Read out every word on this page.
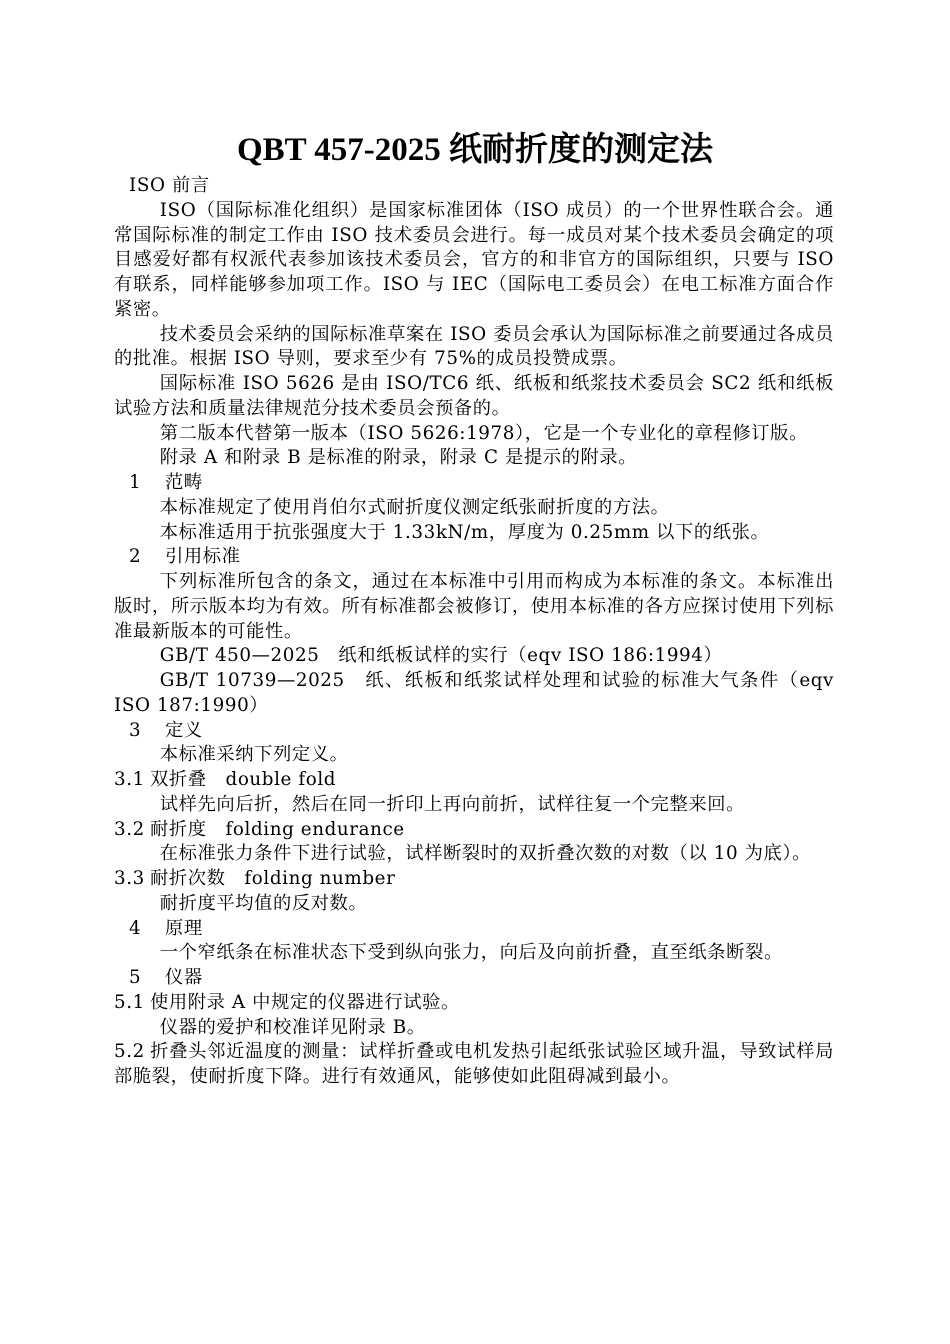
QBT 457-2025 纸耐折度的测定法

ISO 前言

ISO（国际标准化组织）是国家标准团体（ISO 成员）的一个世界性联合会。通常国际标准的制定工作由 ISO 技术委员会进行。每一成员对某个技术委员会确定的项目感爱好都有权派代表参加该技术委员会，官方的和非官方的国际组织，只要与 ISO 有联系，同样能够参加项工作。ISO 与 IEC（国际电工委员会）在电工标准方面合作紧密。

技术委员会采纳的国际标准草案在 ISO 委员会承认为国际标准之前要通过各成员的批准。根据 ISO 导则，要求至少有 75%的成员投赞成票。

国际标准 ISO 5626 是由 ISO/TC6 纸、纸板和纸浆技术委员会 SC2 纸和纸板试验方法和质量法律规范分技术委员会预备的。

第二版本代替第一版本（ISO 5626:1978），它是一个专业化的章程修订版。

附录 A 和附录 B 是标准的附录，附录 C 是提示的附录。

1 范畴

本标准规定了使用肖伯尔式耐折度仪测定纸张耐折度的方法。

本标准适用于抗张强度大于 1.33kN/m，厚度为 0.25mm 以下的纸张。

2 引用标准

下列标准所包含的条文，通过在本标准中引用而构成为本标准的条文。本标准出版时，所示版本均为有效。所有标准都会被修订，使用本标准的各方应探讨使用下列标准最新版本的可能性。

GB/T 450—2025　纸和纸板试样的实行（eqv ISO 186:1994）

GB/T 10739—2025　纸、纸板和纸浆试样处理和试验的标准大气条件（eqv ISO 187:1990）

3 定义

本标准采纳下列定义。

3.1 双折叠　double fold

试样先向后折，然后在同一折印上再向前折，试样往复一个完整来回。

3.2 耐折度　folding endurance

在标准张力条件下进行试验，试样断裂时的双折叠次数的对数（以 10 为底）。

3.3 耐折次数　folding number

耐折度平均值的反对数。

4 原理

一个窄纸条在标准状态下受到纵向张力，向后及向前折叠，直至纸条断裂。

5 仪器

5.1 使用附录 A 中规定的仪器进行试验。

仪器的爱护和校准详见附录 B。

5.2 折叠头邻近温度的测量：试样折叠或电机发热引起纸张试验区域升温，导致试样局部脆裂，使耐折度下降。进行有效通风，能够使如此阻碍减到最小。
